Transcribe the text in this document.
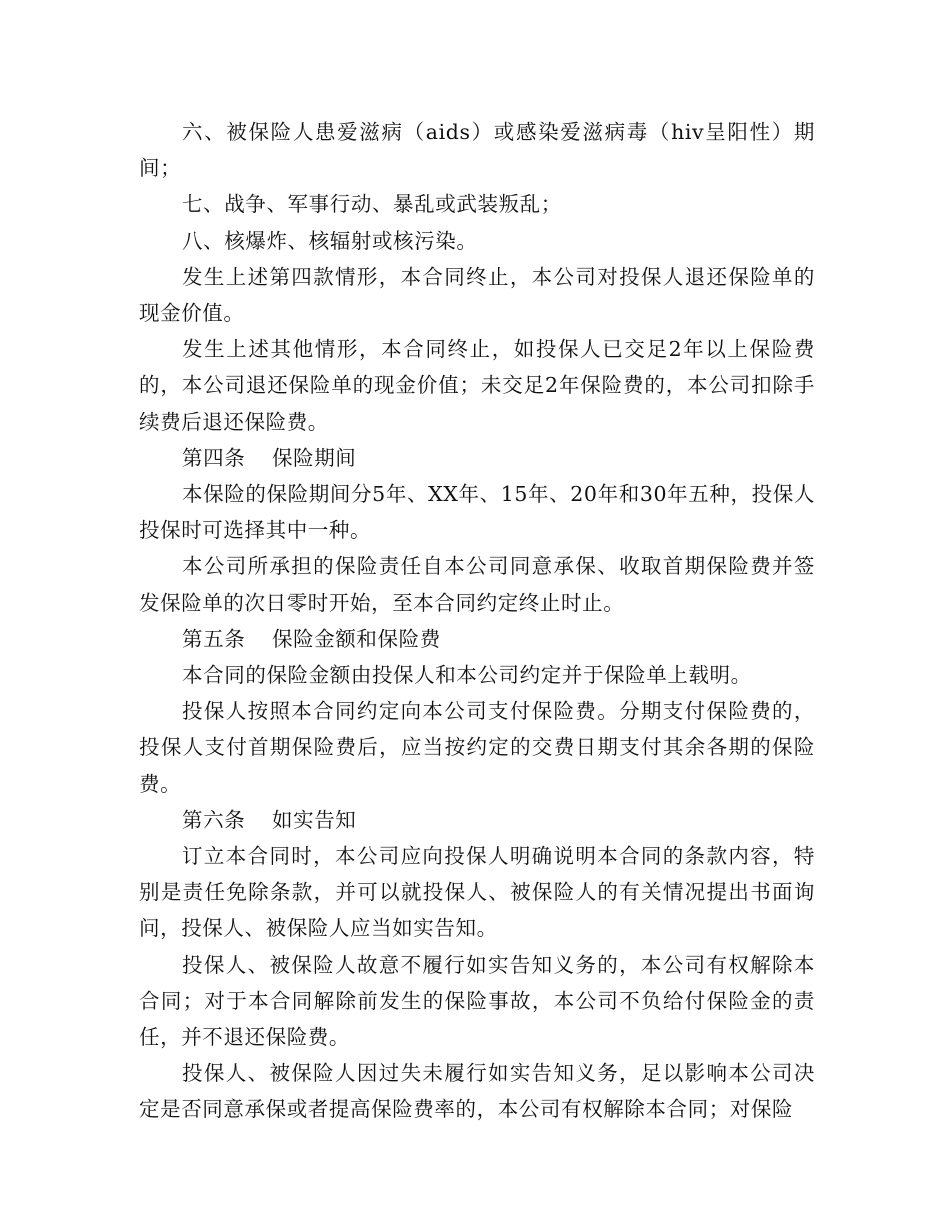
六、被保险人患爱滋病（aids）或感染爱滋病毒（hiv呈阳性）期间；

七、战争、军事行动、暴乱或武装叛乱；

八、核爆炸、核辐射或核污染。

发生上述第四款情形，本合同终止，本公司对投保人退还保险单的现金价值。

发生上述其他情形，本合同终止，如投保人已交足2年以上保险费的，本公司退还保险单的现金价值；未交足2年保险费的，本公司扣除手续费后退还保险费。

第四条 保险期间

本保险的保险期间分5年、XX年、15年、20年和30年五种，投保人投保时可选择其中一种。

本公司所承担的保险责任自本公司同意承保、收取首期保险费并签发保险单的次日零时开始，至本合同约定终止时止。

第五条 保险金额和保险费

本合同的保险金额由投保人和本公司约定并于保险单上载明。

投保人按照本合同约定向本公司支付保险费。分期支付保险费的，投保人支付首期保险费后，应当按约定的交费日期支付其余各期的保险费。

第六条 如实告知

订立本合同时，本公司应向投保人明确说明本合同的条款内容，特别是责任免除条款，并可以就投保人、被保险人的有关情况提出书面询问，投保人、被保险人应当如实告知。

投保人、被保险人故意不履行如实告知义务的，本公司有权解除本合同；对于本合同解除前发生的保险事故，本公司不负给付保险金的责任，并不退还保险费。

投保人、被保险人因过失未履行如实告知义务，足以影响本公司决定是否同意承保或者提高保险费率的，本公司有权解除本合同；对保险
